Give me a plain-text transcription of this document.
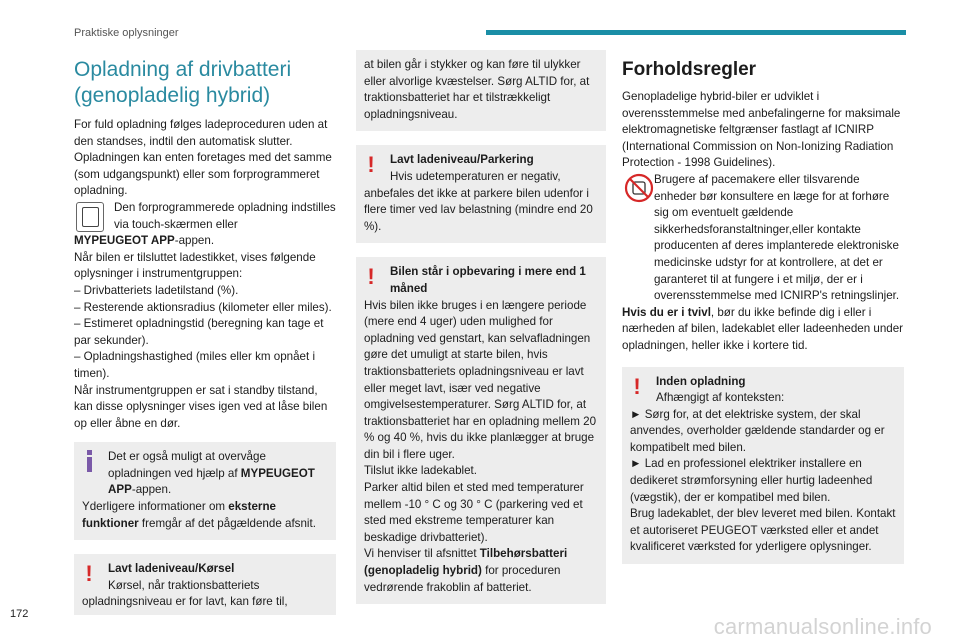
Praktiske oplysninger
Opladning af drivbatteri
(genopladelig hybrid)

For fuld opladning følges ladeproceduren uden at den standses, indtil den automatisk slutter. Opladningen kan enten foretages med det samme (som udgangspunkt) eller som forprogrammeret opladning.

Den forprogrammerede opladning indstilles via touch-skærmen eller

MYPEUGEOT APP-appen.

Når bilen er tilsluttet ladestikket, vises følgende oplysninger i instrumentgruppen:

– Drivbatteriets ladetilstand (%).

– Resterende aktionsradius (kilometer eller miles).

– Estimeret opladningstid (beregning kan tage et par sekunder).

– Opladningshastighed (miles eller km opnået i timen).

Når instrumentgruppen er sat i standby tilstand, kan disse oplysninger vises igen ved at låse bilen op eller åbne en dør.

Det er også muligt at overvåge opladningen ved hjælp af MYPEUGEOT APP-appen.

Yderligere informationer om eksterne funktioner fremgår af det pågældende afsnit.

!	Lavt ladeniveau/Kørsel

Kørsel, når traktionsbatteriets opladningsniveau er for lavt, kan føre til,

at bilen går i stykker og kan føre til ulykker eller alvorlige kvæstelser. Sørg ALTID for, at traktionsbatteriet har et tilstrækkeligt opladningsniveau.

!	Lavt ladeniveau/Parkering

Hvis udetemperaturen er negativ, anbefales det ikke at parkere bilen udenfor i flere timer ved lav belastning (mindre end 20 %).

!	Bilen står i opbevaring i mere end 1 måned

Hvis bilen ikke bruges i en længere periode (mere end 4 uger) uden mulighed for opladning ved genstart, kan selvafladningen gøre det umuligt at starte bilen, hvis traktionsbatteriets opladningsniveau er lavt eller meget lavt, især ved negative omgivelsestemperaturer. Sørg ALTID for, at traktionsbatteriet har en opladning mellem 20 % og 40 %, hvis du ikke planlægger at bruge din bil i flere uger.

Tilslut ikke ladekablet.

Parker altid bilen et sted med temperaturer mellem -10 ° C og 30 ° C (parkering ved et sted med ekstreme temperaturer kan beskadige drivbatteriet).

Vi henviser til afsnittet Tilbehørsbatteri (genopladelig hybrid) for proceduren vedrørende frakoblin af batteriet.

Forholdsregler

Genopladelige hybrid-biler er udviklet i overensstemmelse med anbefalingerne for maksimale elektromagnetiske feltgrænser fastlagt af ICNIRP (International Commission on Non-Ionizing Radiation Protection - 1998 Guidelines).

Brugere af pacemakere eller tilsvarende enheder bør konsultere en læge for at forhøre sig om eventuelt gældende sikkerhedsforanstaltninger,eller kontakte producenten af deres implanterede elektroniske medicinske udstyr for at kontrollere, at det er garanteret til at fungere i et miljø, der er i overensstemmelse med ICNIRP's retningslinjer.

Hvis du er i tvivl, bør du ikke befinde dig i eller i nærheden af bilen, ladekablet eller ladeenheden under opladningen, heller ikke i kortere tid.

!	Inden opladning

Afhængigt af konteksten:

► Sørg for, at det elektriske system, der skal anvendes, overholder gældende standarder og er kompatibelt med bilen.

► Lad en professionel elektriker installere en dedikeret strømforsyning eller hurtig ladeenhed (vægstik), der er kompatibel med bilen.

Brug ladekablet, der blev leveret med bilen. Kontakt et autoriseret PEUGEOT værksted eller et andet kvalificeret værksted for yderligere oplysninger.

172
carmanualsonline.info
